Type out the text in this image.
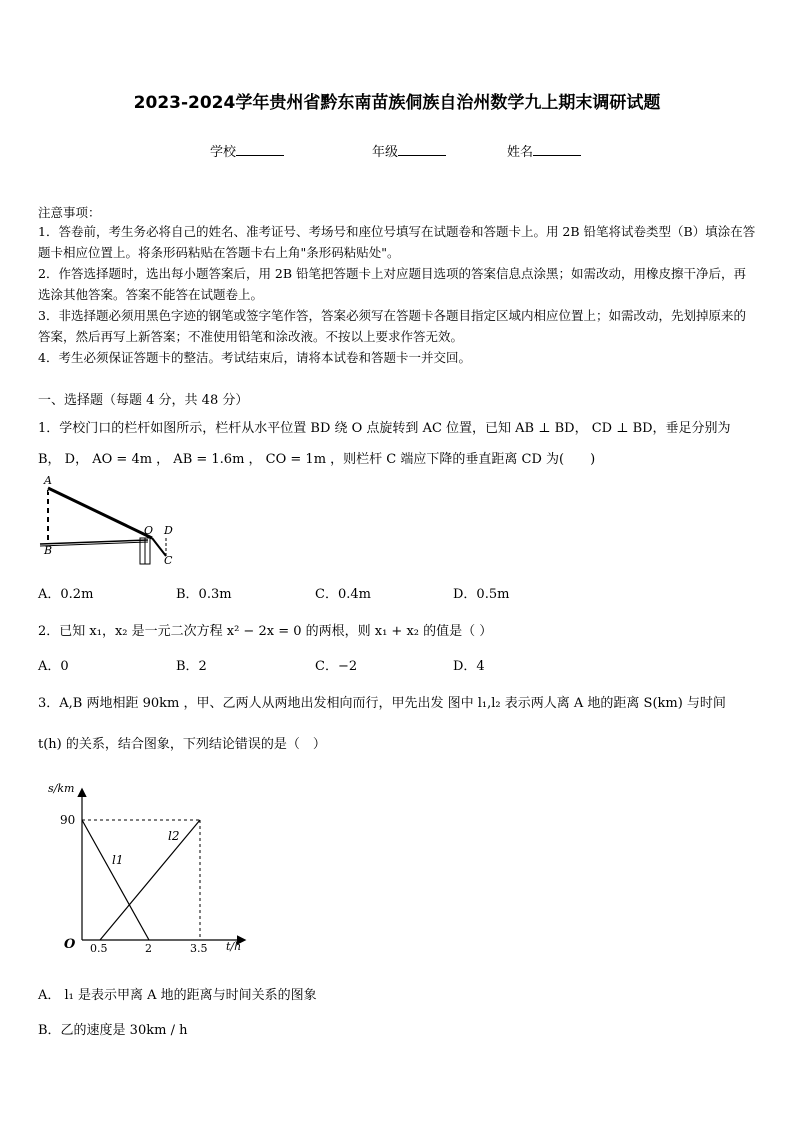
2023-2024学年贵州省黔东南苗族侗族自治州数学九上期末调研试题
学校	年级	姓名
注意事项：
1．答卷前，考生务必将自己的姓名、准考证号、考场号和座位号填写在试题卷和答题卡上。用 2B 铅笔将试卷类型（B）填涂在答题卡相应位置上。将条形码粘贴在答题卡右上角"条形码粘贴处"。
2．作答选择题时，选出每小题答案后，用 2B 铅笔把答题卡上对应题目选项的答案信息点涂黑；如需改动，用橡皮擦干净后，再选涂其他答案。答案不能答在试题卷上。
3．非选择题必须用黑色字迹的钢笔或签字笔作答，答案必须写在答题卡各题目指定区域内相应位置上；如需改动，先划掉原来的答案，然后再写上新答案；不准使用铅笔和涂改液。不按以上要求作答无效。
4．考生必须保证答题卡的整洁。考试结束后，请将本试卷和答题卡一并交回。
一、选择题（每题 4 分，共 48 分）
1．学校门口的栏杆如图所示，栏杆从水平位置 BD 绕 O 点旋转到 AC 位置，已知 AB ⊥ BD， CD ⊥ BD，垂足分别为
B， D， AO = 4m ， AB = 1.6m ， CO = 1m ，则栏杆 C 端应下降的垂直距离 CD 为(　　)
A
B
O D
C
A．0.2m	B．0.3m	C．0.4m	D．0.5m
2．已知 x₁，x₂ 是一元二次方程 x² − 2x = 0 的两根，则 x₁ + x₂ 的值是（ ）
A．0	B．2	C．−2	D．4
3．A,B 两地相距 90km ，甲、乙两人从两地出发相向而行，甲先出发 图中 l₁,l₂ 表示两人离 A 地的距离 S(km) 与时间
t(h) 的关系，结合图象，下列结论错误的是（　）
s/km
t/h
O
90
0.5	2	3.5
l1
l2
A． l₁ 是表示甲离 A 地的距离与时间关系的图象
B．乙的速度是 30km / h
